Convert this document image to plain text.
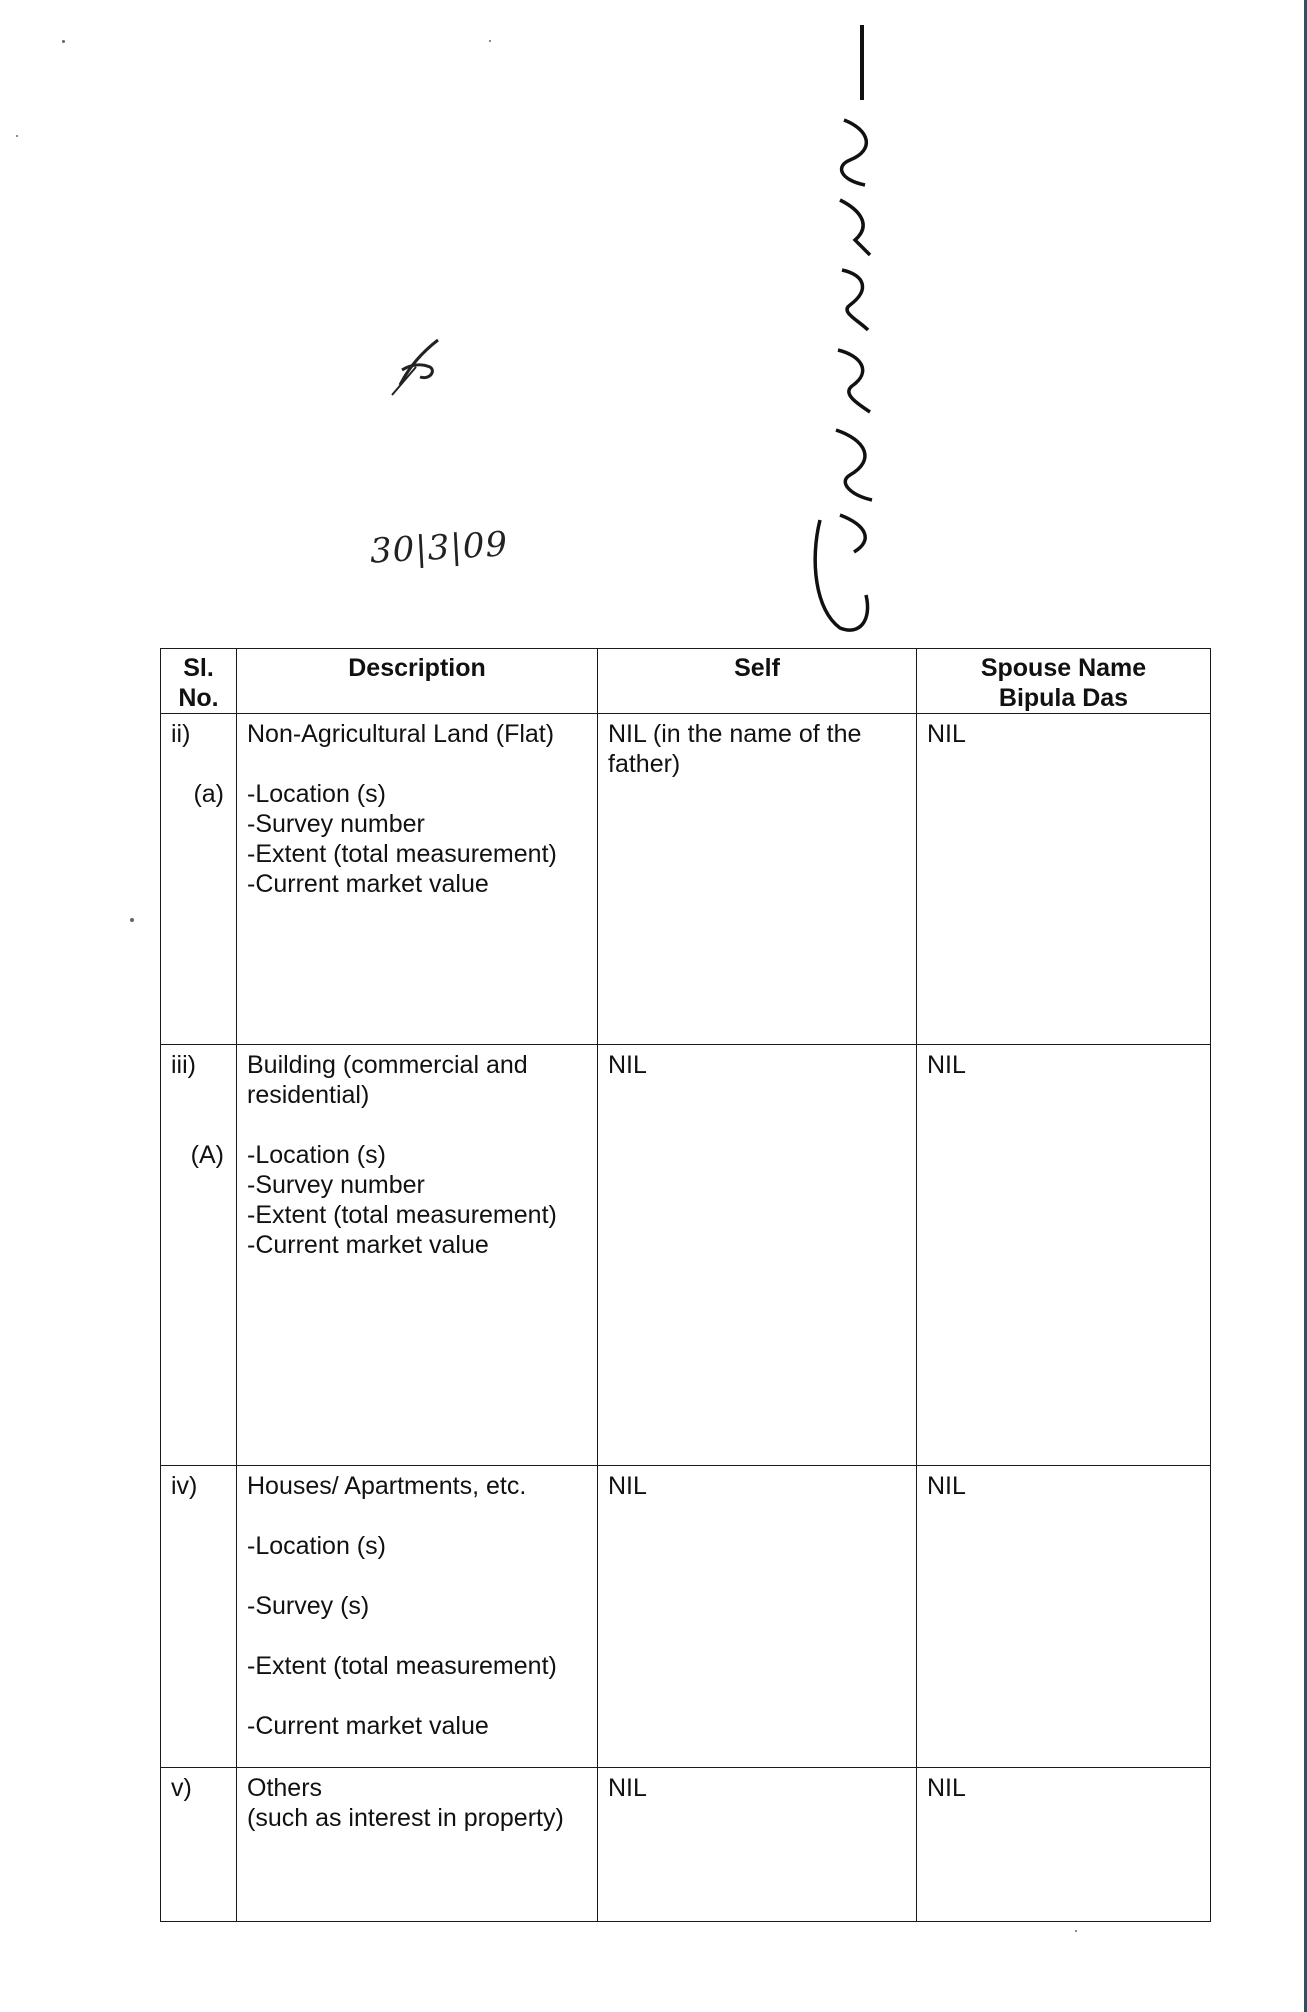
30|3|09
Sl. No.	Description	Self	Spouse Name
Bipula Das

ii)
(a)	Non-Agricultural Land (Flat)
-Location (s)
-Survey number
-Extent (total measurement)
-Current market value	NIL (in the name of the father)	NIL

iii)
(A)	Building (commercial and residential)
-Location (s)
-Survey number
-Extent (total measurement)
-Current market value	NIL	NIL

iv)	Houses/ Apartments, etc.
-Location (s)
-Survey (s)
-Extent (total measurement)
-Current market value	NIL	NIL

v)	Others
(such as interest in property)	NIL	NIL
